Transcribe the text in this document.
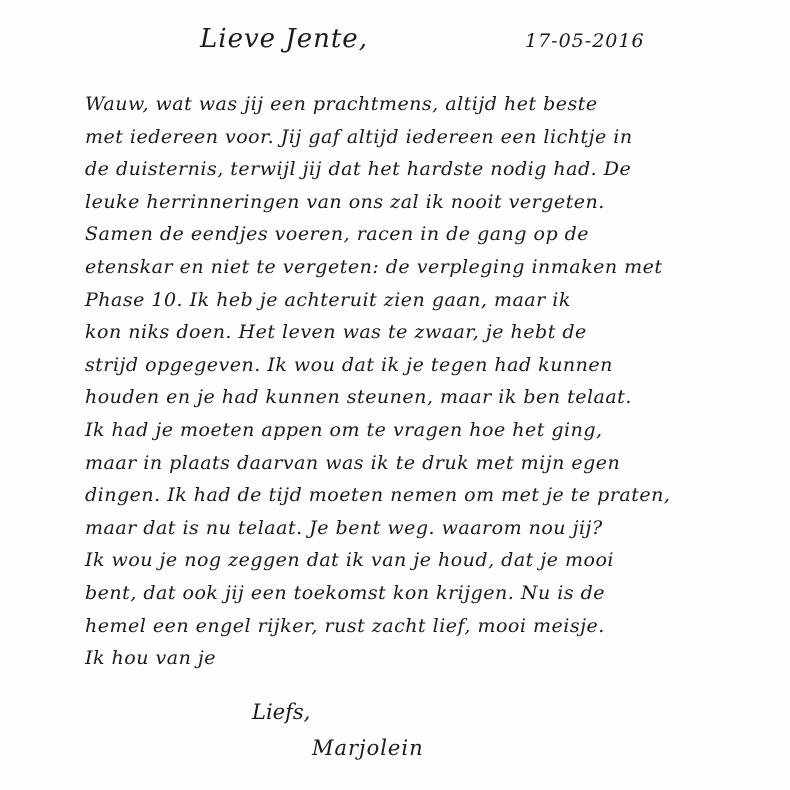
Lieve Jente,	17-05-2016
Wauw, wat was jij een prachtmens, altijd het beste
met iedereen voor. Jij gaf altijd iedereen een lichtje in
de duisternis, terwijl jij dat het hardste nodig had. De
leuke herrinneringen van ons zal ik nooit vergeten.
Samen de eendjes voeren, racen in de gang op de
etenskar en niet te vergeten: de verpleging inmaken met
Phase 10. Ik heb je achteruit zien gaan, maar ik
kon niks doen. Het leven was te zwaar, je hebt de
strijd opgegeven. Ik wou dat ik je tegen had kunnen
houden en je had kunnen steunen, maar ik ben telaat.
Ik had je moeten appen om te vragen hoe het ging,
maar in plaats daarvan was ik te druk met mijn egen
dingen. Ik had de tijd moeten nemen om met je te praten,
maar dat is nu telaat. Je bent weg. waarom nou jij?
Ik wou je nog zeggen dat ik van je houd, dat je mooi
bent, dat ook jij een toekomst kon krijgen. Nu is de
hemel een engel rijker, rust zacht lief, mooi meisje.
Ik hou van je
Liefs,
Marjolein
